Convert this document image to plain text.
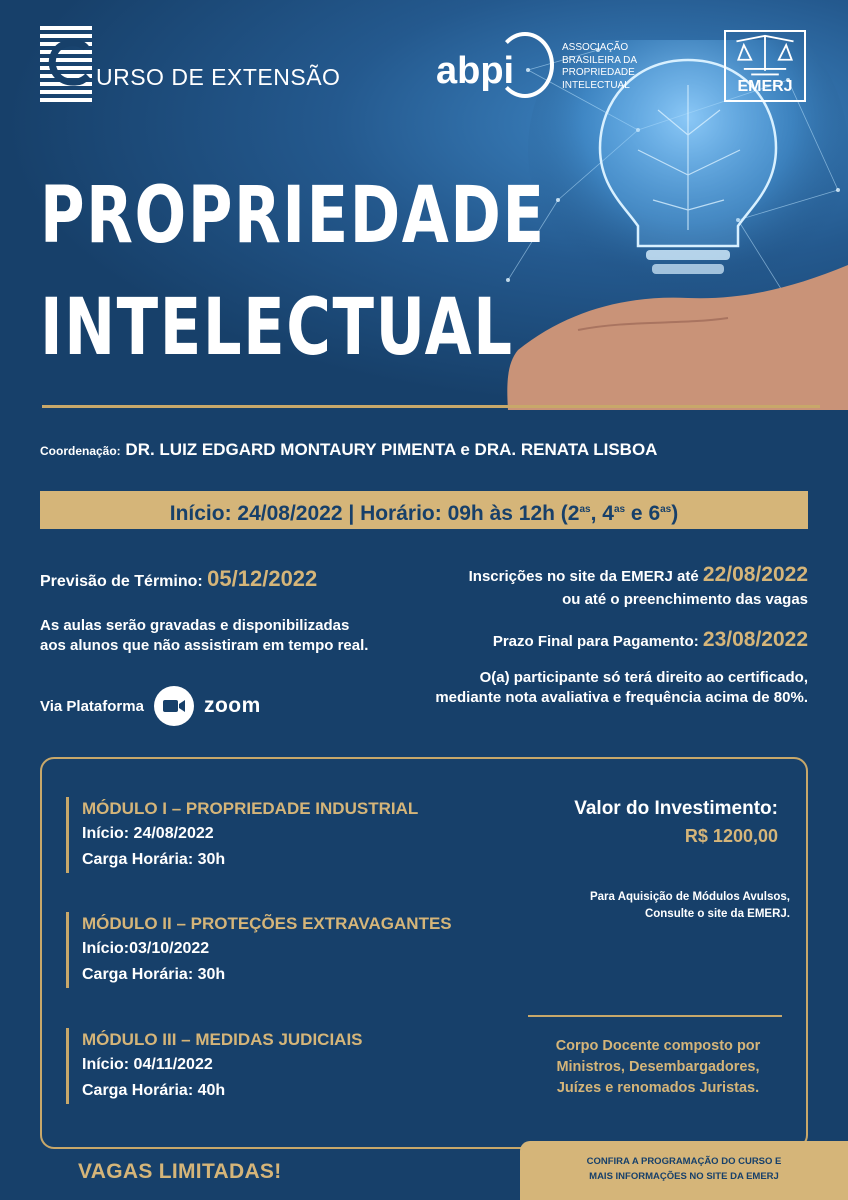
URSO DE EXTENSÃO	abpi
ASSOCIAÇÃO BRASILEIRA DA PROPRIEDADE INTELECTUAL	EMERJ
PROPRIEDADE
INTELECTUAL
Coordenação: DR. LUIZ EDGARD MONTAURY PIMENTA e DRA. RENATA LISBOA
Início: 24/08/2022 | Horário: 09h às 12h ($2^{as}$, $4^{as}$ e $6^{as}$)
Previsão de Término: 05/12/2022
As aulas serão gravadas e disponibilizadas
aos alunos que não assistiram em tempo real.
Via Plataforma	zoom
Inscrições no site da EMERJ até 22/08/2022
ou até o preenchimento das vagas
Prazo Final para Pagamento: 23/08/2022
O(a) participante só terá direito ao certificado,
mediante nota avaliativa e frequência acima de 80%.
MÓDULO I – PROPRIEDADE INDUSTRIAL
Início: 24/08/2022
Carga Horária: 30h
MÓDULO II – PROTEÇÕES EXTRAVAGANTES
Início:03/10/2022
Carga Horária: 30h
MÓDULO III – MEDIDAS JUDICIAIS
Início: 04/11/2022
Carga Horária: 40h
Valor do Investimento:
R$ 1200,00
Para Aquisição de Módulos Avulsos,
Consulte o site da EMERJ.
Corpo Docente composto por
Ministros, Desembargadores,
Juízes e renomados Juristas.
VAGAS LIMITADAS!	CONFIRA A PROGRAMAÇÃO DO CURSO E
MAIS INFORMAÇÕES NO SITE DA EMERJ
